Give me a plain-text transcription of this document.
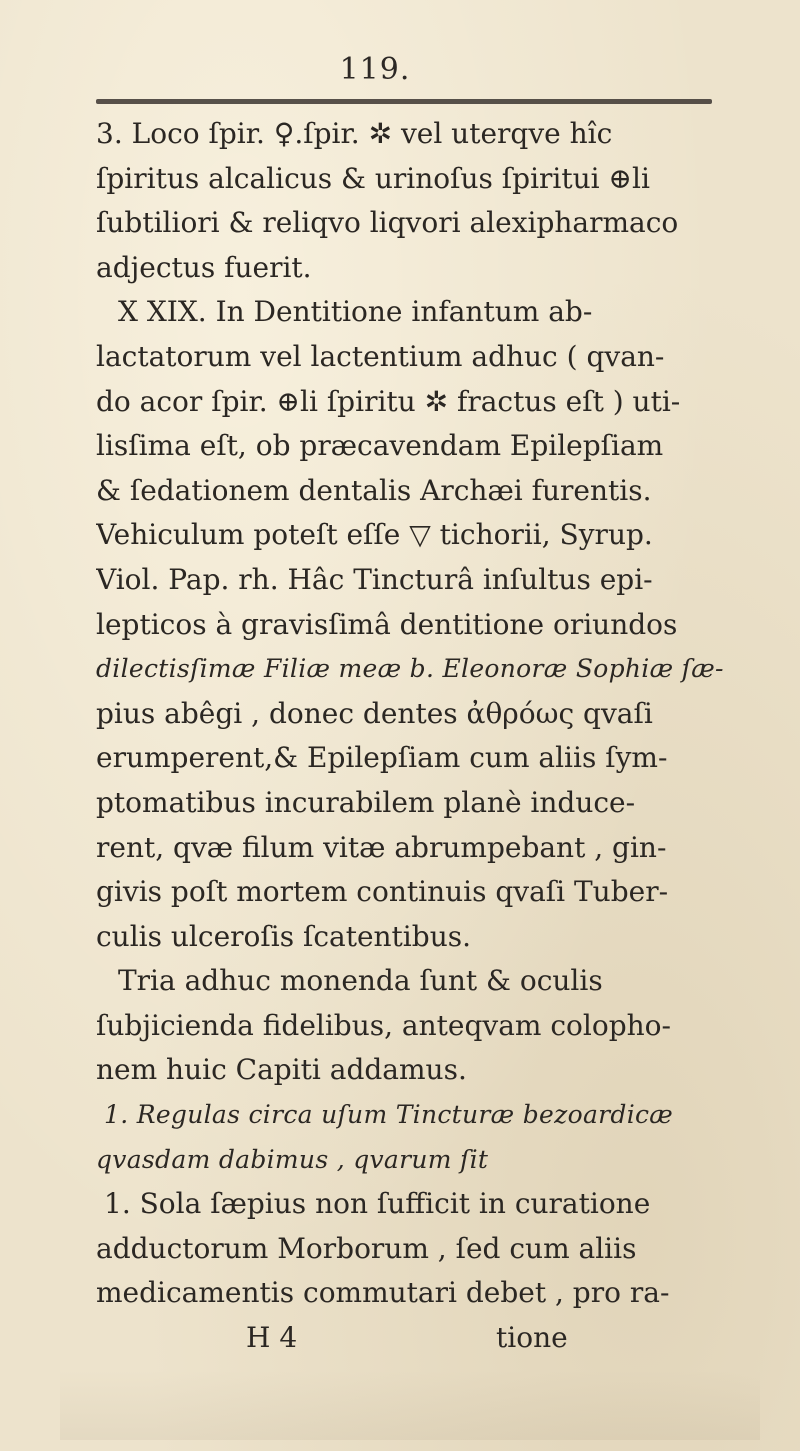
119.
3. Loco ſpir. ♀.ſpir. ✲ vel uterqve hîc
ſpiritus alcalicus & urinoſus ſpiritui ⊕li
ſubtiliori & reliqvo liqvori alexipharmaco
adjectus fuerit.
X XIX. In Dentitione infantum ab-
lactatorum vel lactentium adhuc ( qvan-
do acor ſpir. ⊕li ſpiritu ✲ fractus eſt ) uti-
lisſima eſt, ob præcavendam Epilepſiam
& ſedationem dentalis Archæi furentis.
Vehiculum poteſt eſſe ▽ tichorii, Syrup.
Viol. Pap. rh. Hâc Tincturâ inſultus epi-
lepticos à gravisſimâ dentitione oriundos
dilectisſimæ Filiæ meæ b. Eleonoræ Sophiæ ſæ-
pius abêgi , donec dentes ἀθρόως qvaſi
erumperent,& Epilepſiam cum aliis ſym-
ptomatibus incurabilem planè induce-
rent, qvæ filum vitæ abrumpebant , gin-
givis poſt mortem continuis qvaſi Tuber-
culis ulceroſis ſcatentibus.
Tria adhuc monenda ſunt & oculis
ſubjicienda fidelibus, anteqvam colopho-
nem huic Capiti addamus.
1. Regulas circa uſum Tincturæ bezoardicæ
qvasdam dabimus , qvarum ſit
1. Sola ſæpius non ſufficit in curatione
adductorum Morborum , ſed cum aliis
medicamentis commutari debet , pro ra-
H 4	tione
